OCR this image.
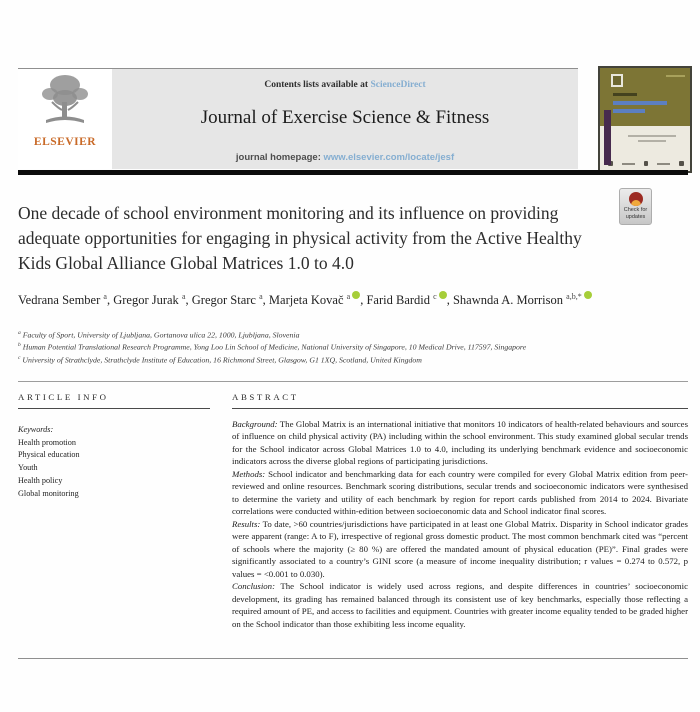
ELSEVIER
Contents lists available at ScienceDirect
Journal of Exercise Science & Fitness
journal homepage: www.elsevier.com/locate/jesf
One decade of school environment monitoring and its influence on providing adequate opportunities for engaging in physical activity from the Active Healthy Kids Global Alliance Global Matrices 1.0 to 4.0
Check for
updates
Vedrana Sember $^a$, Gregor Jurak $^a$, Gregor Starc $^a$, Marjeta Kovač $^a$ , Farid Bardid $^c$ , Shawnda A. Morrison $^{a,b,*}$
$^a$ Faculty of Sport, University of Ljubljana, Gortanova ulica 22, 1000, Ljubljana, Slovenia
$^b$ Human Potential Translational Research Programme, Yong Loo Lin School of Medicine, National University of Singapore, 10 Medical Drive, 117597, Singapore
$^c$ University of Strathclyde, Strathclyde Institute of Education, 16 Richmond Street, Glasgow, G1 1XQ, Scotland, United Kingdom
ARTICLE INFO
Keywords:
Health promotion
Physical education
Youth
Health policy
Global monitoring
ABSTRACT

Background: The Global Matrix is an international initiative that monitors 10 indicators of health-related behaviours and sources of influence on child physical activity (PA) including within the school environment. This study examined global secular trends for the School indicator across Global Matrices 1.0 to 4.0, including its underlying benchmark evidence and socioeconomic indicators across the diverse global regions of participating jurisdictions.

Methods: School indicator and benchmarking data for each country were compiled for every Global Matrix edition from peer-reviewed and online resources. Benchmark scoring distributions, secular trends and socioeconomic indicators were synthesised to determine the variety and utility of each benchmark by region for report cards published from 2014 to 2024. Bivariate correlations were conducted within-edition between socioeconomic data and School indicator final scores.

Results: To date, >60 countries/jurisdictions have participated in at least one Global Matrix. Disparity in School indicator grades were apparent (range: A to F), irrespective of regional gross domestic product. The most common benchmark cited was “percent of schools where the majority (≥ 80 %) are offered the mandated amount of physical education (PE)”. Final grades were significantly associated to a country’s GINI score (a measure of income inequality distribution; r values = 0.274 to 0.572, p values = <0.001 to 0.030).

Conclusion: The School indicator is widely used across regions, and despite differences in countries’ socioeconomic development, its grading has remained balanced through its consistent use of key benchmarks, especially those reflecting a required amount of PE, and access to facilities and equipment. Countries with greater income equality tended to be graded higher on the School indicator than those exhibiting less income equality.
